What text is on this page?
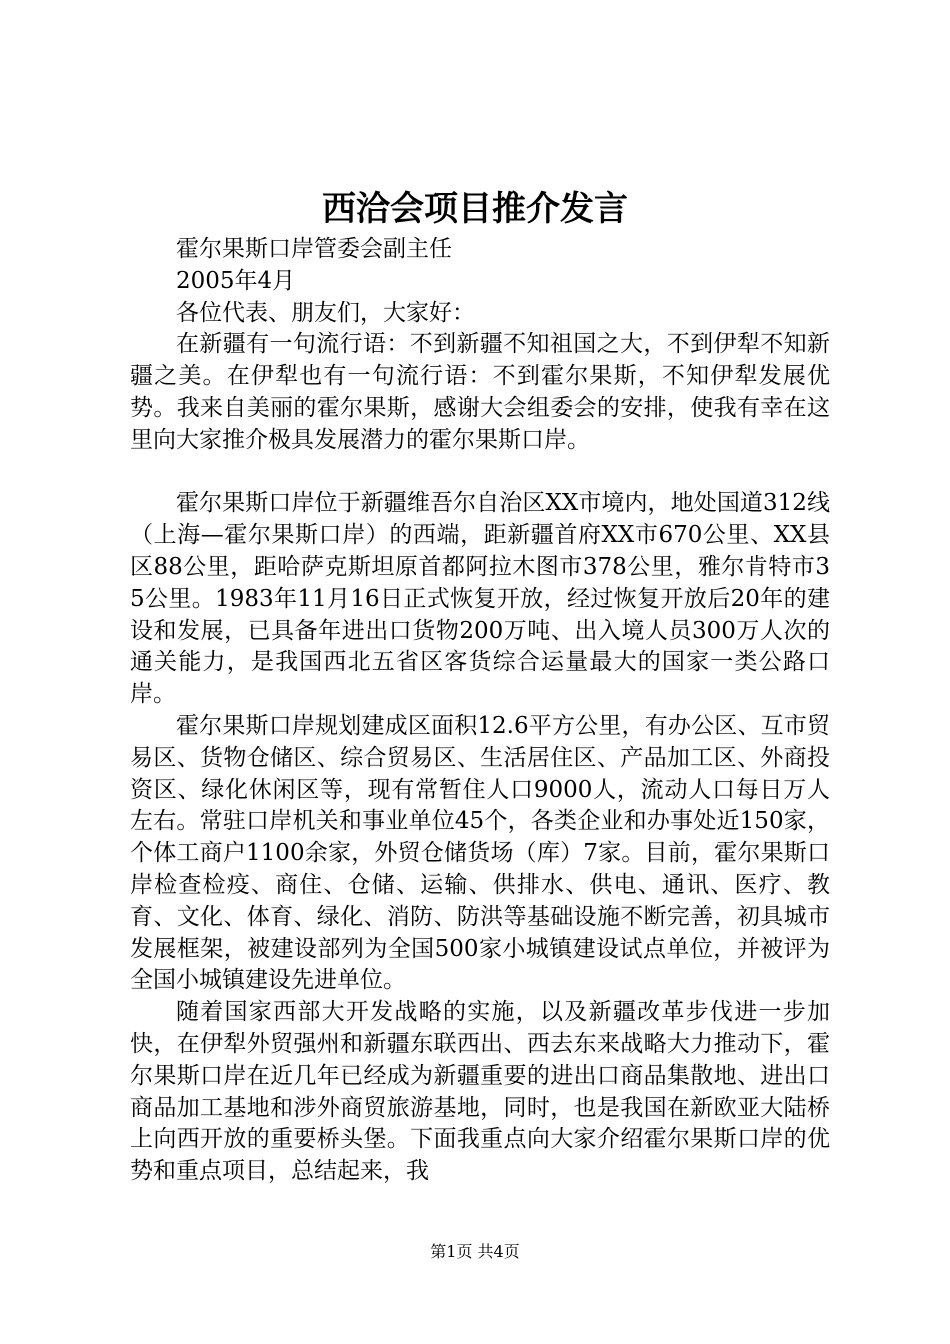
西洽会项目推介发言

霍尔果斯口岸管委会副主任

2005年4月

各位代表、朋友们，大家好：

在新疆有一句流行语：不到新疆不知祖国之大，不到伊犁不知新疆之美。在伊犁也有一句流行语：不到霍尔果斯，不知伊犁发展优势。我来自美丽的霍尔果斯，感谢大会组委会的安排，使我有幸在这里向大家推介极具发展潜力的霍尔果斯口岸。

霍尔果斯口岸位于新疆维吾尔自治区XX市境内，地处国道312线（上海—霍尔果斯口岸）的西端，距新疆首府XX市670公里、XX县区88公里，距哈萨克斯坦原首都阿拉木图市378公里，雅尔肯特市35公里。1983年11月16日正式恢复开放，经过恢复开放后20年的建设和发展，已具备年进出口货物200万吨、出入境人员300万人次的通关能力，是我国西北五省区客货综合运量最大的国家一类公路口岸。

霍尔果斯口岸规划建成区面积12.6平方公里，有办公区、互市贸易区、货物仓储区、综合贸易区、生活居住区、产品加工区、外商投资区、绿化休闲区等，现有常暂住人口9000人，流动人口每日万人左右。常驻口岸机关和事业单位45个，各类企业和办事处近150家，个体工商户1100余家，外贸仓储货场（库）7家。目前，霍尔果斯口岸检查检疫、商住、仓储、运输、供排水、供电、通讯、医疗、教育、文化、体育、绿化、消防、防洪等基础设施不断完善，初具城市发展框架，被建设部列为全国500家小城镇建设试点单位，并被评为全国小城镇建设先进单位。

随着国家西部大开发战略的实施，以及新疆改革步伐进一步加快，在伊犁外贸强州和新疆东联西出、西去东来战略大力推动下，霍尔果斯口岸在近几年已经成为新疆重要的进出口商品集散地、进出口商品加工基地和涉外商贸旅游基地，同时，也是我国在新欧亚大陆桥上向西开放的重要桥头堡。下面我重点向大家介绍霍尔果斯口岸的优势和重点项目，总结起来，我

第1页 共4页
